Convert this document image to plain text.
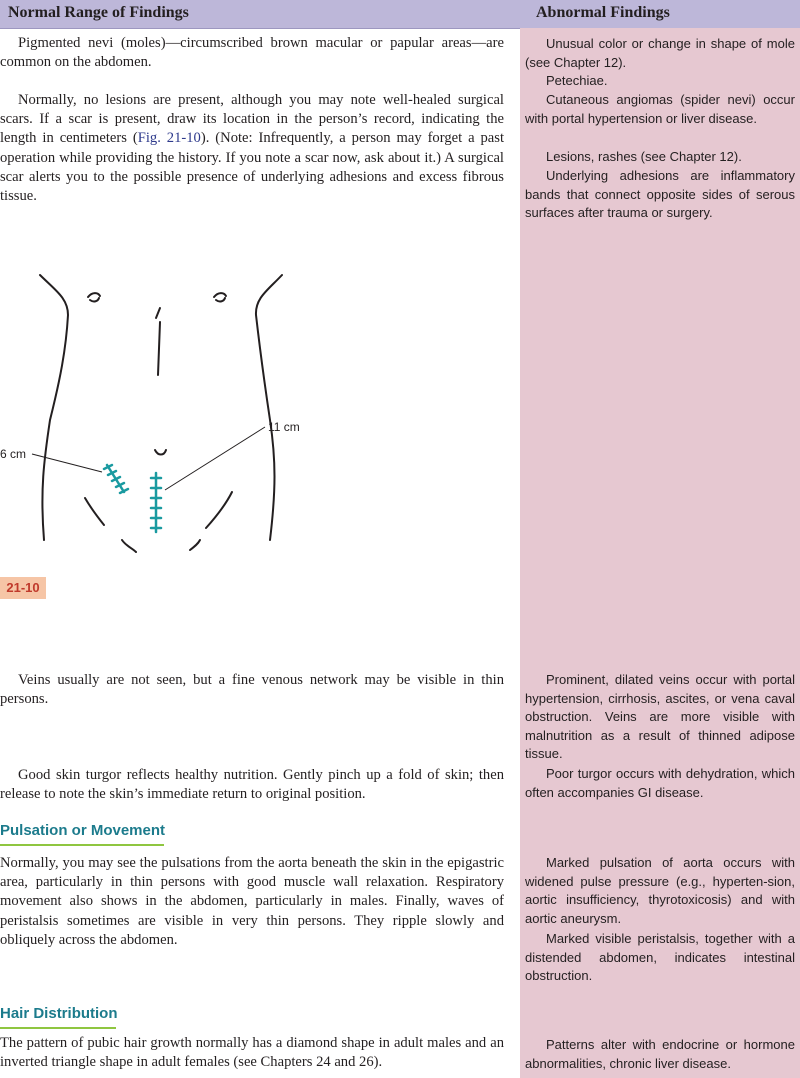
Normal Range of Findings	Abnormal Findings

Pigmented nevi (moles)—circumscribed brown macular or papular areas—are common on the abdomen.

Normally, no lesions are present, although you may note well-healed surgical scars. If a scar is present, draw its location in the person’s record, indicating the length in centimeters (Fig. 21-10). (Note: Infrequently, a person may forget a past operation while providing the history. If you note a scar now, ask about it.) A surgical scar alerts you to the possible presence of underlying adhesions and excess fibrous tissue.

6 cm
11 cm
21-10

Veins usually are not seen, but a fine venous network may be visible in thin persons.

Good skin turgor reflects healthy nutrition. Gently pinch up a fold of skin; then release to note the skin’s immediate return to original position.

Pulsation or Movement

Normally, you may see the pulsations from the aorta beneath the skin in the epigastric area, particularly in thin persons with good muscle wall relaxation. Respiratory movement also shows in the abdomen, particularly in males. Finally, waves of peristalsis sometimes are visible in very thin persons. They ripple slowly and obliquely across the abdomen.

Hair Distribution

The pattern of pubic hair growth normally has a diamond shape in adult males and an inverted triangle shape in adult females (see Chapters 24 and 26).

Unusual color or change in shape of mole (see Chapter 12).

Petechiae.

Cutaneous angiomas (spider nevi) occur with portal hypertension or liver disease.

Lesions, rashes (see Chapter 12).

Underlying adhesions are inflammatory bands that connect opposite sides of serous surfaces after trauma or surgery.

Prominent, dilated veins occur with portal hypertension, cirrhosis, ascites, or vena caval obstruction. Veins are more visible with malnutrition as a result of thinned adipose tissue.

Poor turgor occurs with dehydration, which often accompanies GI disease.

Marked pulsation of aorta occurs with widened pulse pressure (e.g., hyperten-sion, aortic insufficiency, thyrotoxicosis) and with aortic aneurysm.

Marked visible peristalsis, together with a distended abdomen, indicates intestinal obstruction.

Patterns alter with endocrine or hormone abnormalities, chronic liver disease.
